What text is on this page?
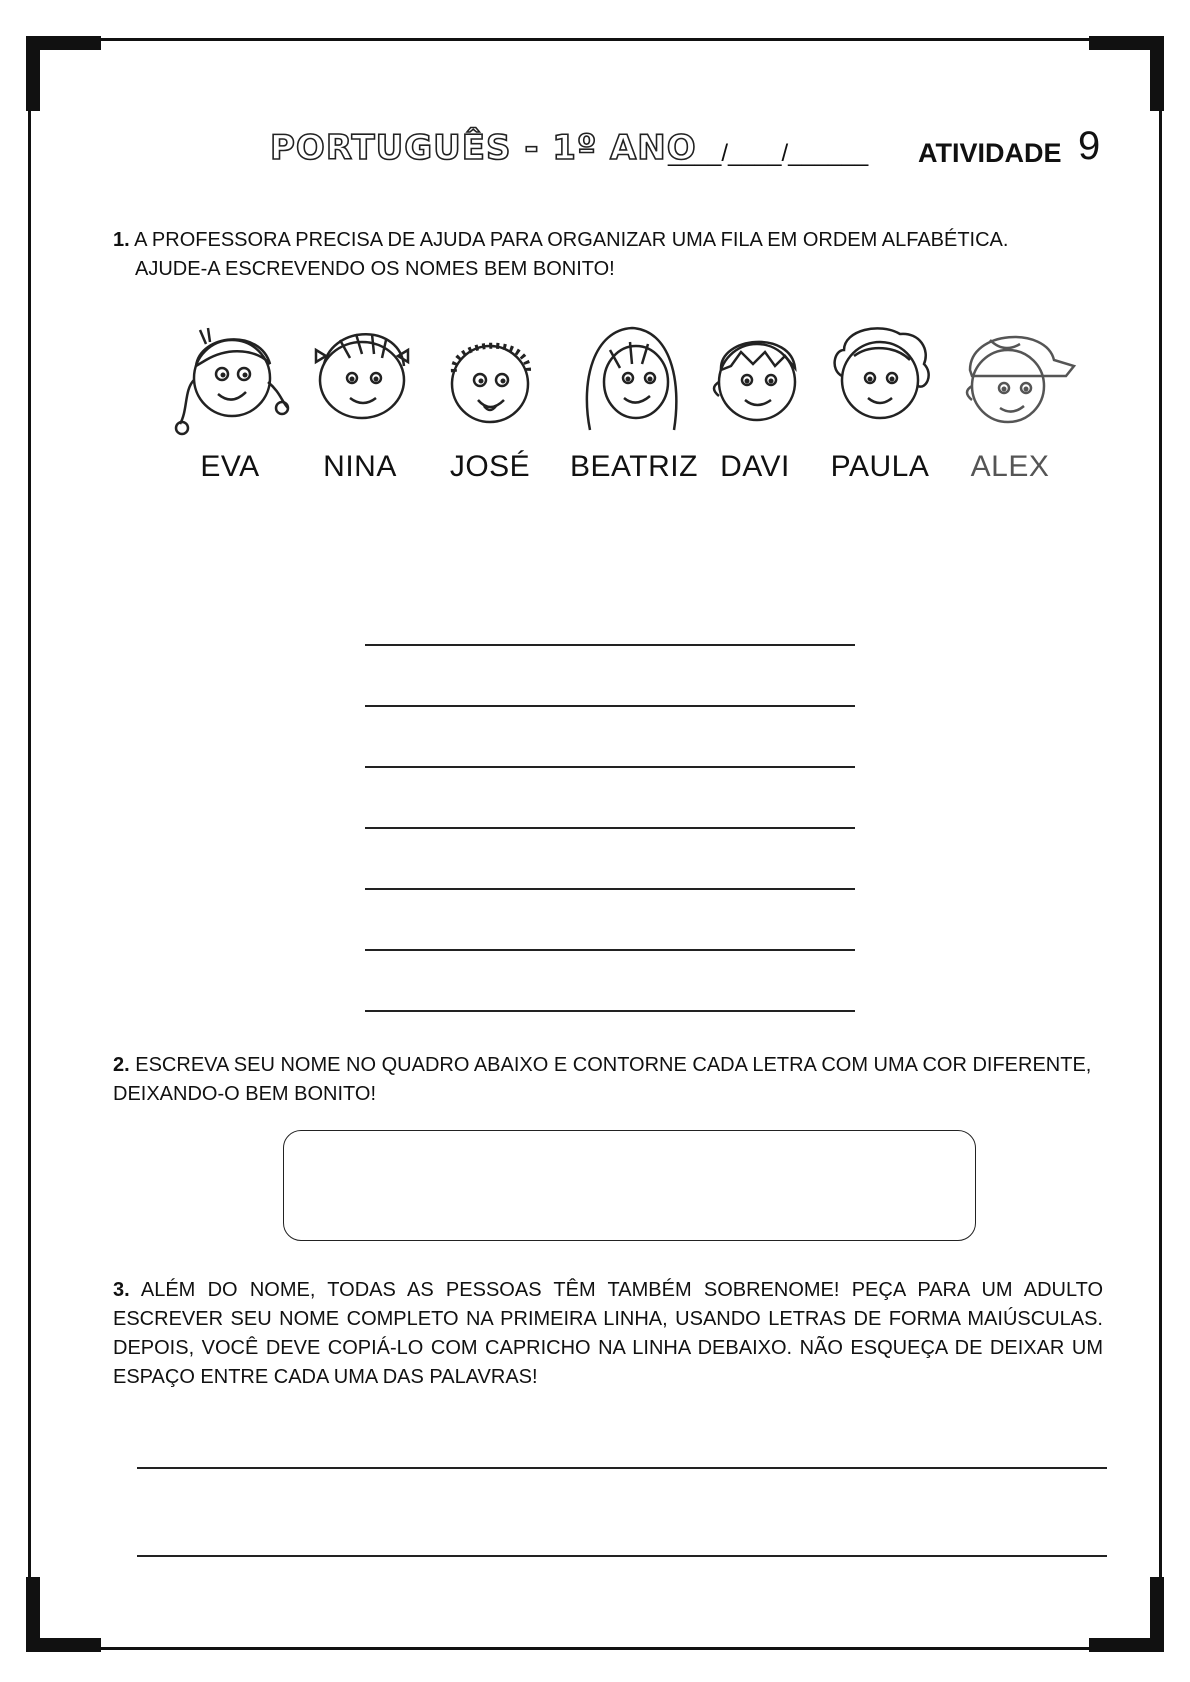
PORTUGUÊS - 1º ANO
____/____/______ ATIVIDADE 9
1. A PROFESSORA PRECISA DE AJUDA PARA ORGANIZAR UMA FILA EM ORDEM ALFABÉTICA.
AJUDE-A ESCREVENDO OS NOMES BEM BONITO!
EVA	NINA	JOSÉ	BEATRIZ DAVI	PAULA	ALEX
2. ESCREVA SEU NOME NO QUADRO ABAIXO E CONTORNE CADA LETRA COM UMA COR DIFERENTE, DEIXANDO-O BEM BONITO!
3. ALÉM DO NOME, TODAS AS PESSOAS TÊM TAMBÉM SOBRENOME! PEÇA PARA UM ADULTO ESCREVER SEU NOME COMPLETO NA PRIMEIRA LINHA, USANDO LETRAS DE FORMA MAIÚSCULAS. DEPOIS, VOCÊ DEVE COPIÁ-LO COM CAPRICHO NA LINHA DEBAIXO. NÃO ESQUEÇA DE DEIXAR UM ESPAÇO ENTRE CADA UMA DAS PALAVRAS!
